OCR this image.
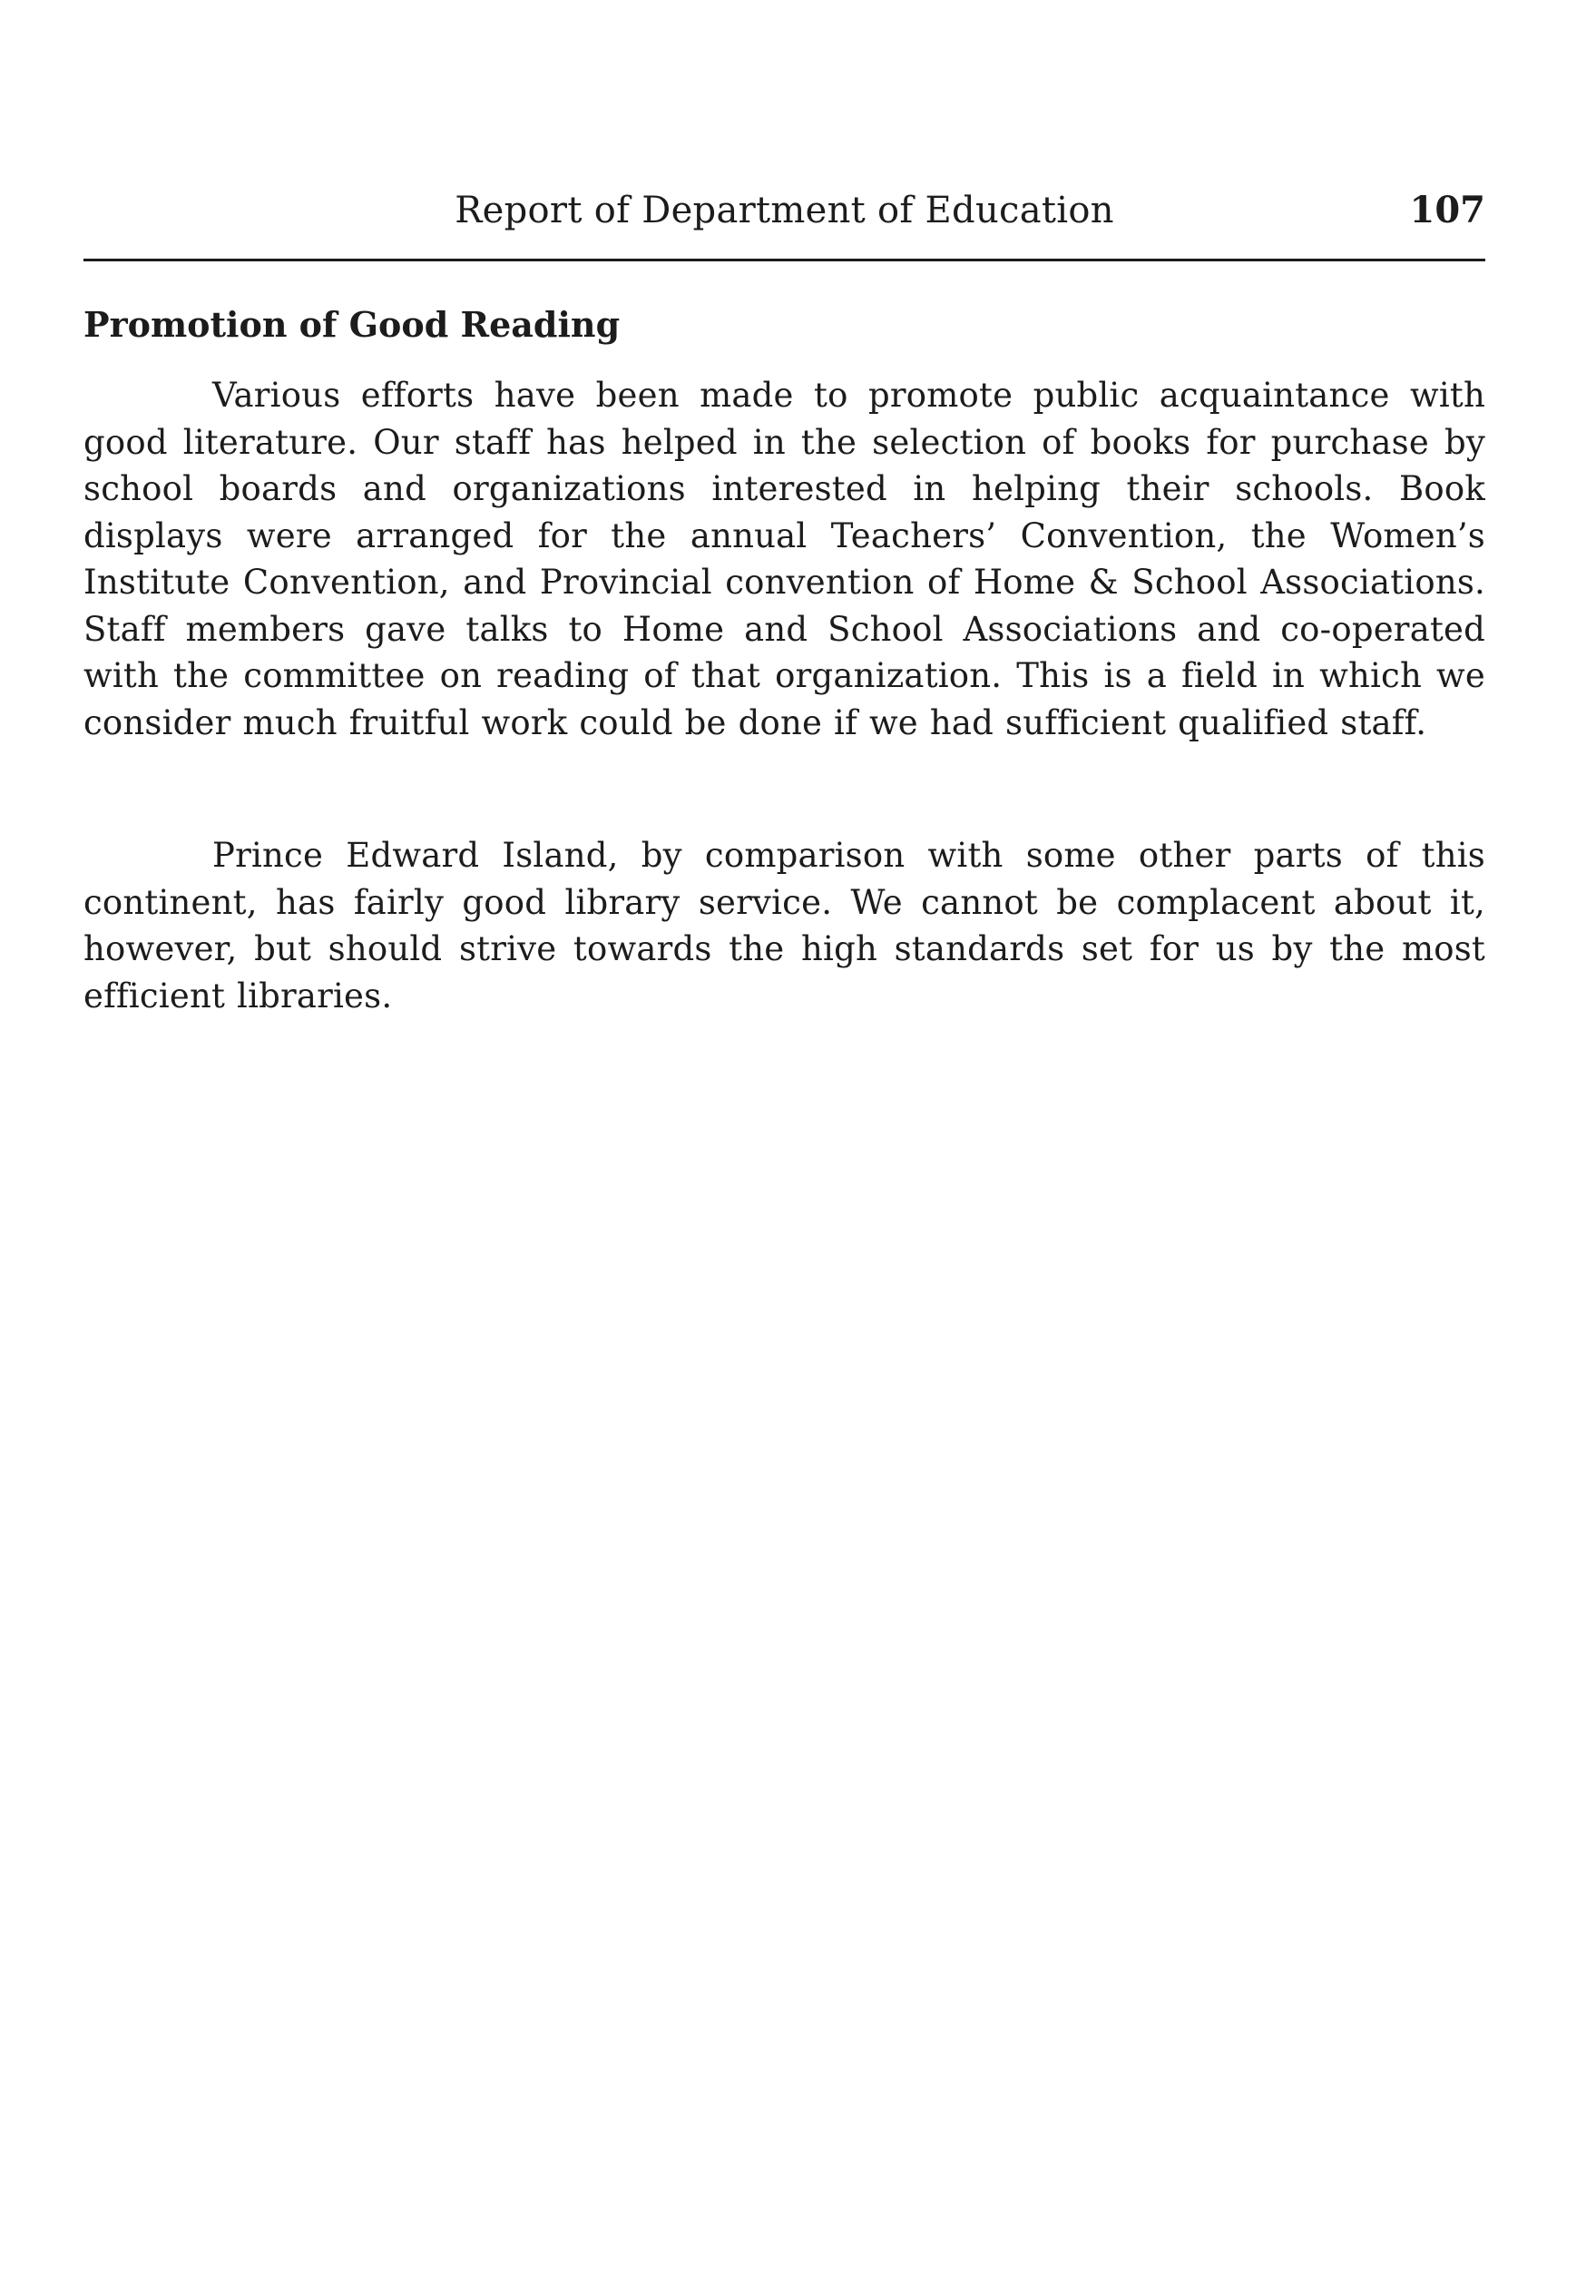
Report of Department of Education	107
Promotion of Good Reading

Various efforts have been made to promote public acquaintance with good literature. Our staff has helped in the selection of books for purchase by school boards and organizations interested in helping their schools. Book displays were arranged for the annual Teachers’ Convention, the Women’s Institute Convention, and Provincial convention of Home & School Associations. Staff members gave talks to Home and School Associations and co-operated with the committee on reading of that organization. This is a field in which we consider much fruitful work could be done if we had sufficient qualified staff.

Prince Edward Island, by comparison with some other parts of this continent, has fairly good library service. We cannot be complacent about it, however, but should strive towards the high standards set for us by the most efficient libraries.
